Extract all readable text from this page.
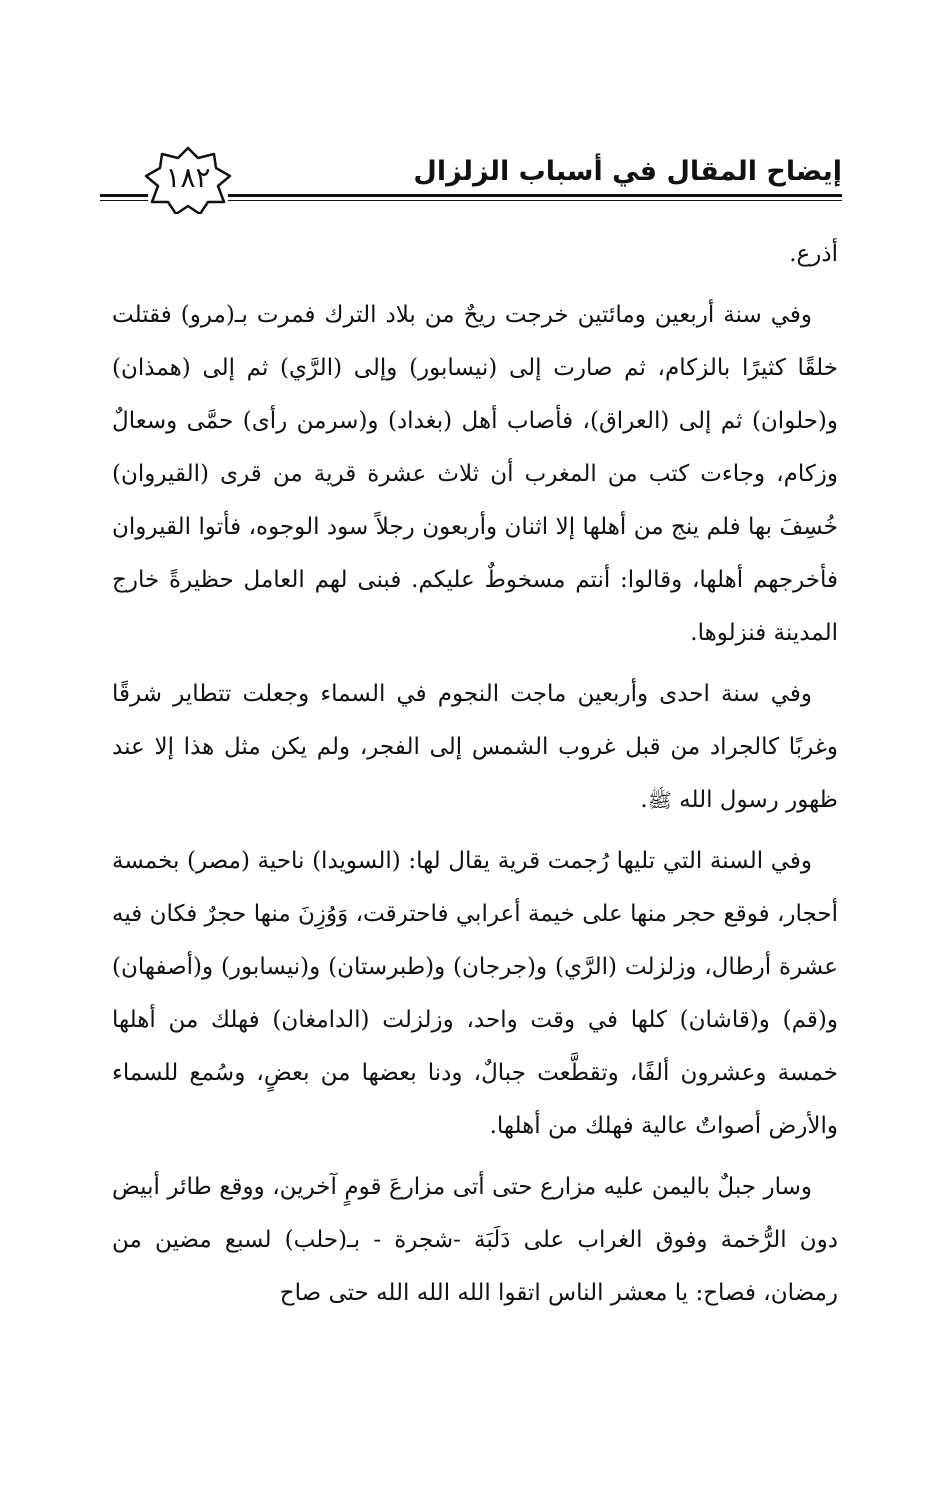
إيضاح المقال في أسباب الزلزال
١٨٢

أذرع.

وفي سنة أربعين ومائتين خرجت ريحٌ من بلاد الترك فمرت بـ(مرو) فقتلت خلقًا كثيرًا بالزكام، ثم صارت إلى (نيسابور) وإلى (الرَّي) ثم إلى (همذان) و(حلوان) ثم إلى (العراق)، فأصاب أهل (بغداد) و(سرمن رأى) حمَّى وسعالٌ وزكام، وجاءت كتب من المغرب أن ثلاث عشرة قرية من قرى (القيروان) خُسِفَ بها فلم ينج من أهلها إلا اثنان وأربعون رجلاً سود الوجوه، فأتوا القيروان فأخرجهم أهلها، وقالوا: أنتم مسخوطٌ عليكم. فبنى لهم العامل حظيرةً خارج المدينة فنزلوها.

وفي سنة احدى وأربعين ماجت النجوم في السماء وجعلت تتطاير شرقًا وغربًا كالجراد من قبل غروب الشمس إلى الفجر، ولم يكن مثل هذا إلا عند ظهور رسول الله ﷺ.

وفي السنة التي تليها رُجمت قرية يقال لها: (السويدا) ناحية (مصر) بخمسة أحجار، فوقع حجر منها على خيمة أعرابي فاحترقت، وَوُزِنَ منها حجرٌ فكان فيه عشرة أرطال، وزلزلت (الرَّي) و(جرجان) و(طبرستان) و(نيسابور) و(أصفهان) و(قم) و(قاشان) كلها في وقت واحد، وزلزلت (الدامغان) فهلك من أهلها خمسة وعشرون ألفًا، وتقطَّعت جبالٌ، ودنا بعضها من بعضٍ، وسُمع للسماء والأرض أصواتٌ عالية فهلك من أهلها.

وسار جبلٌ باليمن عليه مزارع حتى أتى مزارعَ قومٍ آخرين، ووقع طائر أبيض دون الرُّخمة وفوق الغراب على دَلَبَة -شجرة - بـ(حلب) لسبع مضين من رمضان، فصاح: يا معشر الناس اتقوا الله الله الله حتى صاح
